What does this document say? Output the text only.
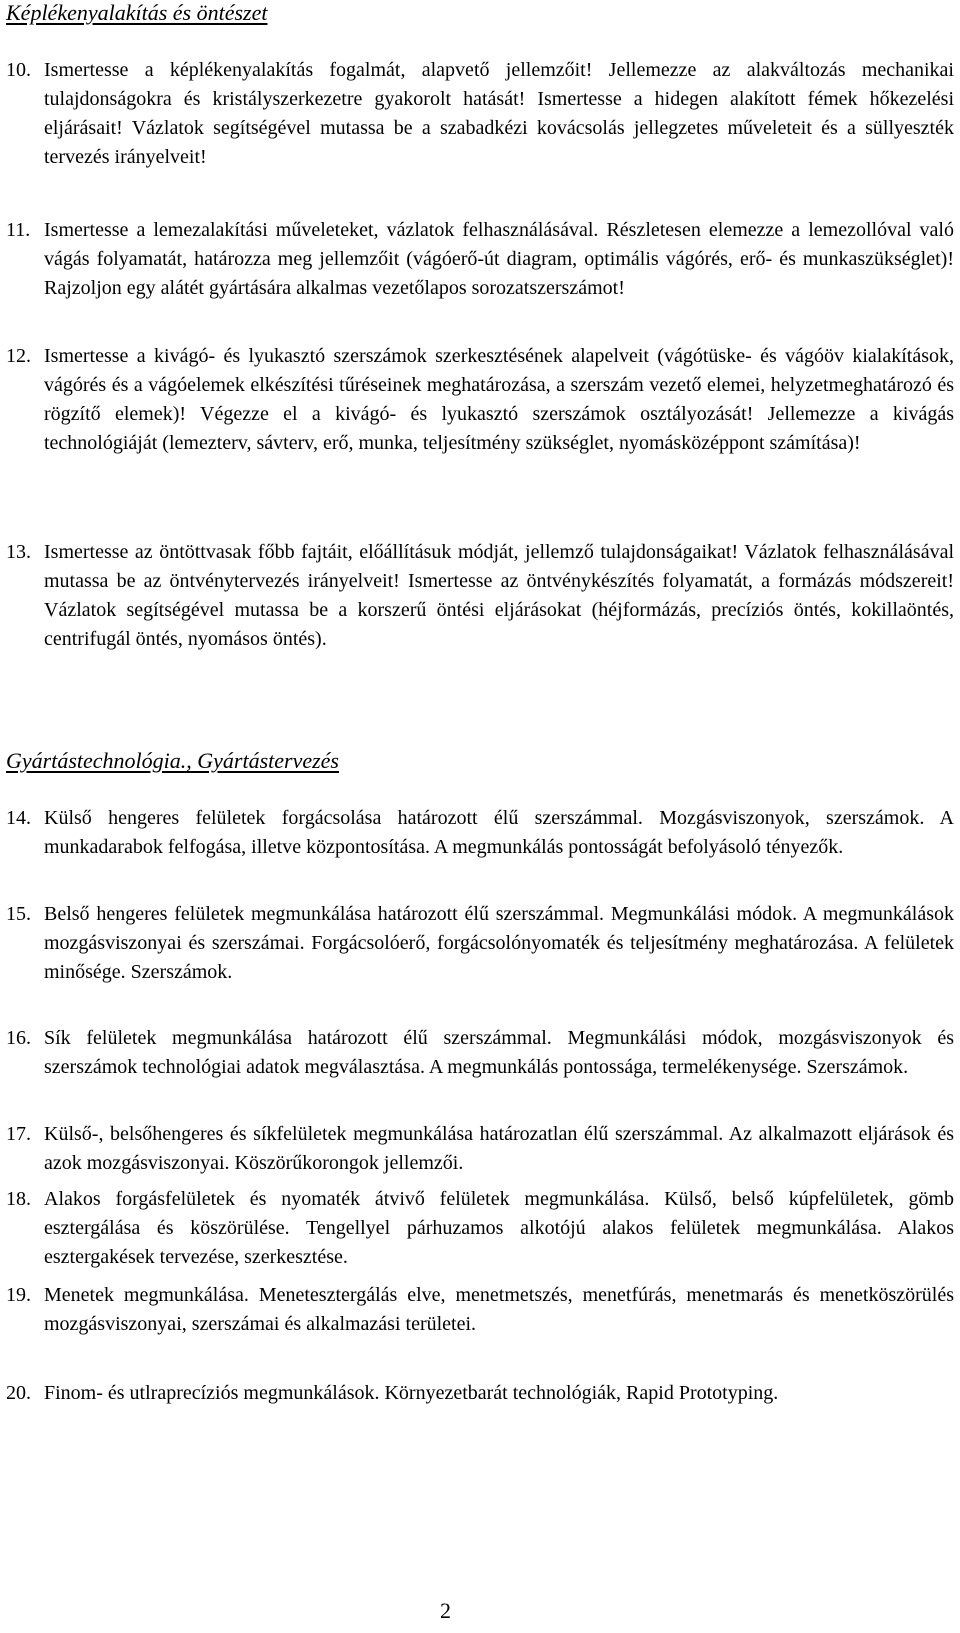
Képlékenyalakítás és öntészet
10. Ismertesse a képlékenyalakítás fogalmát, alapvető jellemzőit! Jellemezze az alakváltozás mechanikai tulajdonságokra és kristályszerkezetre gyakorolt hatását! Ismertesse a hidegen alakított fémek hőkezelési eljárásait! Vázlatok segítségével mutassa be a szabadkézi kovácsolás jellegzetes műveleteit és a süllyeszték tervezés irányelveit!
11. Ismertesse a lemezalakítási műveleteket, vázlatok felhasználásával. Részletesen elemezze a lemezollóval való vágás folyamatát, határozza meg jellemzőit (vágóerő-út diagram, optimális vágórés, erő- és munkaszükséglet)! Rajzoljon egy alátét gyártására alkalmas vezetőlapos sorozatszerszámot!
12. Ismertesse a kivágó- és lyukasztó szerszámok szerkesztésének alapelveit (vágótüske- és vágóöv kialakítások, vágórés és a vágóelemek elkészítési tűréseinek meghatározása, a szerszám vezető elemei, helyzetmeghatározó és rögzítő elemek)! Végezze el a kivágó- és lyukasztó szerszámok osztályozását! Jellemezze a kivágás technológiáját (lemezterv, sávterv, erő, munka, teljesítmény szükséglet, nyomásközéppont számítása)!
13. Ismertesse az öntöttvasak főbb fajtáit, előállításuk módját, jellemző tulajdonságaikat! Vázlatok felhasználásával mutassa be az öntvénytervezés irányelveit! Ismertesse az öntvénykészítés folyamatát, a formázás módszereit! Vázlatok segítségével mutassa be a korszerű öntési eljárásokat (héjformázás, precíziós öntés, kokillaöntés, centrifugál öntés, nyomásos öntés).
Gyártástechnológia., Gyártástervezés
14. Külső hengeres felületek forgácsolása határozott élű szerszámmal. Mozgásviszonyok, szerszámok. A munkadarabok felfogása, illetve központosítása. A megmunkálás pontosságát befolyásoló tényezők.
15. Belső hengeres felületek megmunkálása határozott élű szerszámmal. Megmunkálási módok. A megmunkálások mozgásviszonyai és szerszámai. Forgácsolóerő, forgácsolónyomaték és teljesítmény meghatározása. A felületek minősége. Szerszámok.
16. Sík felületek megmunkálása határozott élű szerszámmal. Megmunkálási módok, mozgásviszonyok és szerszámok technológiai adatok megválasztása. A megmunkálás pontossága, termelékenysége. Szerszámok.
17. Külső-, belsőhengeres és síkfelületek megmunkálása határozatlan élű szerszámmal. Az alkalmazott eljárások és azok mozgásviszonyai. Köszörűkorongok jellemzői.
18. Alakos forgásfelületek és nyomaték átvivő felületek megmunkálása. Külső, belső kúpfelületek, gömb esztergálása és köszörülése. Tengellyel párhuzamos alkotójú alakos felületek megmunkálása. Alakos esztergakések tervezése, szerkesztése.
19. Menetek megmunkálása. Menetesztergálás elve, menetmetszés, menetfúrás, menetmarás és menetköszörülés mozgásviszonyai, szerszámai és alkalmazási területei.
20. Finom- és utlraprecíziós megmunkálások. Környezetbarát technológiák, Rapid Prototyping.
2
